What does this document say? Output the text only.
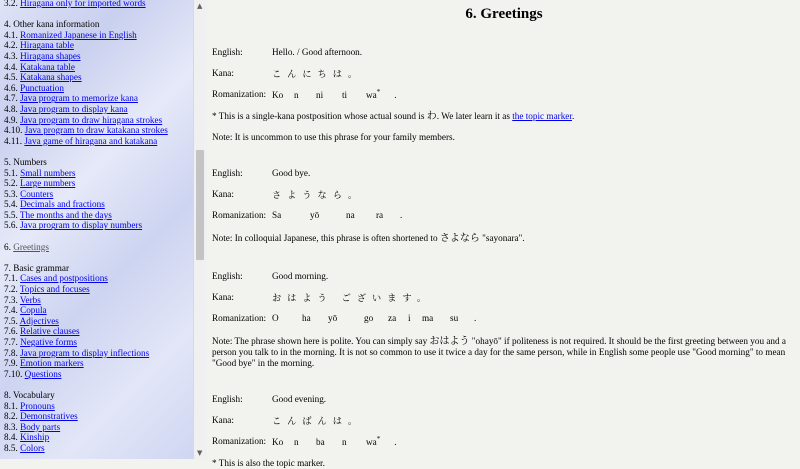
3.2. Hiragana only for imported words
4. Other kana information
4.1. Romanized Japanese in English
4.2. Hiragana table
4.3. Hiragana shapes
4.4. Katakana table
4.5. Katakana shapes
4.6. Punctuation
4.7. Java program to memorize kana
4.8. Java program to display kana
4.9. Java program to draw hiragana strokes
4.10. Java program to draw katakana strokes
4.11. Java game of hiragana and katakana
5. Numbers
5.1. Small numbers
5.2. Large numbers
5.3. Counters
5.4. Decimals and fractions
5.5. The months and the days
5.6. Java program to display numbers
6. Greetings
7. Basic grammar
7.1. Cases and postpositions
7.2. Topics and focuses
7.3. Verbs
7.4. Copula
7.5. Adjectives
7.6. Relative clauses
7.7. Negative forms
7.8. Java program to display inflections
7.9. Emotion markers
7.10. Questions
8. Vocabulary
8.1. Pronouns
8.2. Demonstratives
8.3. Body parts
8.4. Kinship
8.5. Colors
▲
▼
6. Greetings
English:	Hello. / Good afternoon.
Kana:	こんにちは。
Romanization:	Ko n ni ti wa* .

* This is a single-kana postposition whose actual sound is わ. We later learn it as the topic marker.

Note: It is uncommon to use this phrase for your family members.

English:	Good bye.
Kana:	さようなら。
Romanization:	Sa yō na ra .

Note: In colloquial Japanese, this phrase is often shortened to さよなら "sayonara".

English:	Good morning.
Kana:	おはよう ございます。
Romanization:	O ha yō go za i ma su .

Note: The phrase shown here is polite. You can simply say おはよう "ohayō" if politeness is not required. It should be the first greeting between you and a person you talk to in the morning. It is not so common to use it twice a day for the same person, while in English some people use "Good morning" to mean "Good bye" in the morning.

English:	Good evening.
Kana:	こんばんは。
Romanization:	Ko n ba n wa* .

* This is also the topic marker.
